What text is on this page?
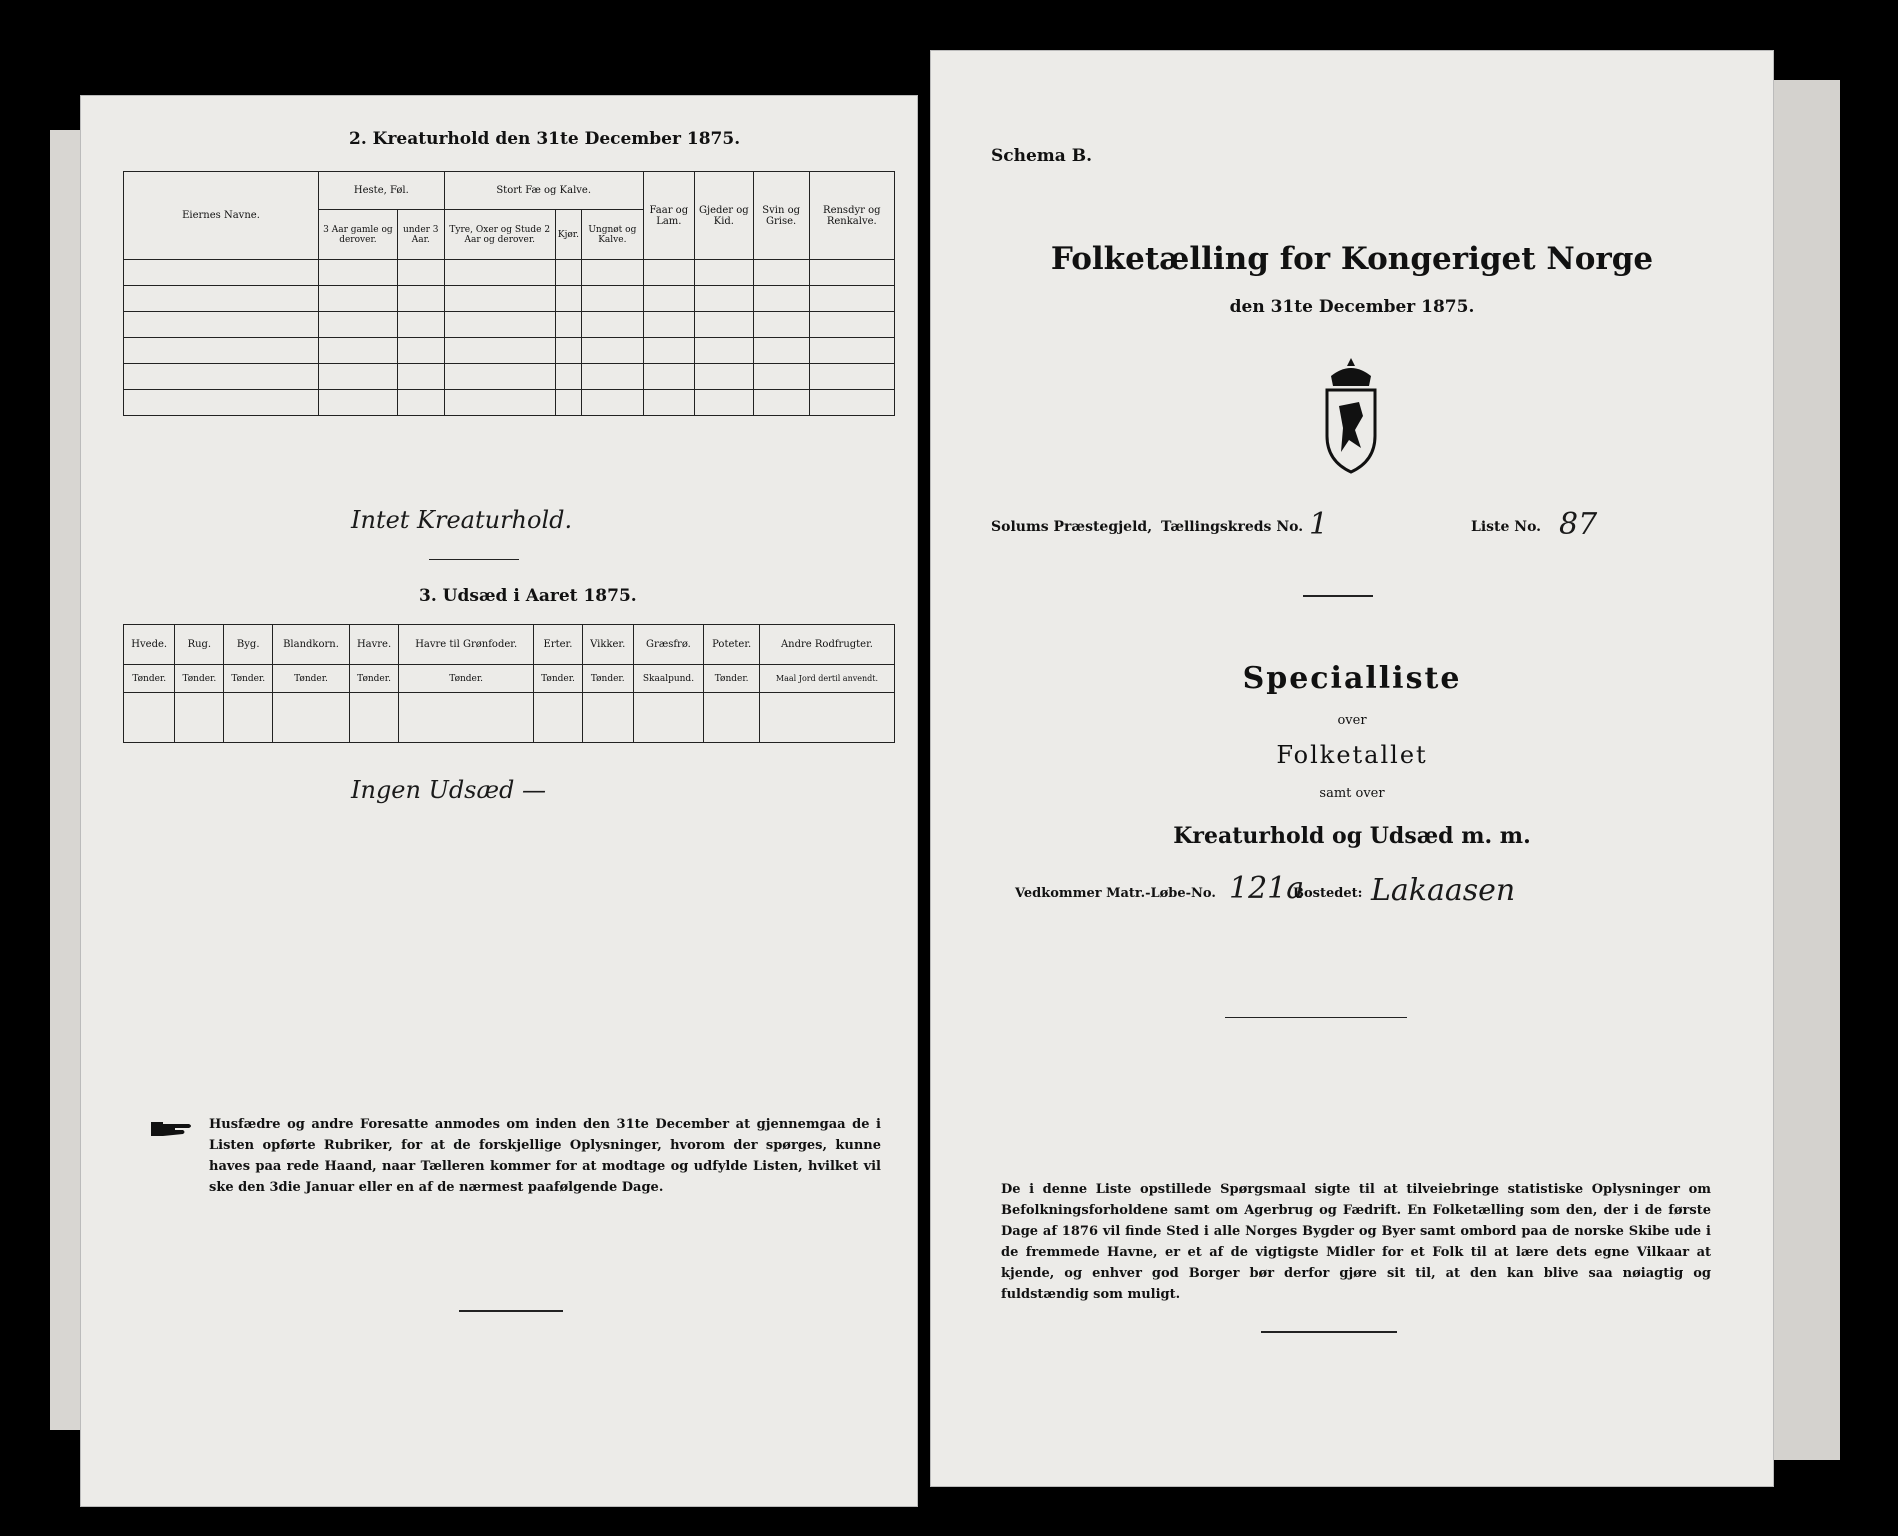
2. Kreaturhold den 31te December 1875.
Eiernes Navne.	Heste, Føl.		Stort Fæ og Kalve.			Faar og Lam.	Gjeder og Kid.	Svin og Grise.	Rensdyr og Renkalve.
	3 Aar gamle og derover.	under 3 Aar.	Tyre, Oxer og Stude 2 Aar og derover.	Kjør.	Ungnøt og Kalve.				

Intet Kreaturhold.
3. Udsæd i Aaret 1875.
Hvede.	Rug.	Byg.	Blandkorn.	Havre.	Havre til Grønfoder.	Erter.	Vikker.	Græsfrø.	Poteter.	Andre Rodfrugter.
Tønder.	Tønder.	Tønder.	Tønder.	Tønder.	Tønder.	Tønder.	Tønder.	Skaalpund.	Tønder.	Maal Jord dertil anvendt.

Ingen Udsæd —
Husfædre og andre Foresatte anmodes om inden den 31te December at gjennemgaa de i Listen opførte Rubriker, for at de forskjellige Oplysninger, hvorom der spørges, kunne haves paa rede Haand, naar Tælleren kommer for at modtage og udfylde Listen, hvilket vil ske den 3die Januar eller en af de nærmest paafølgende Dage.
Schema B.
Folketælling for Kongeriget Norge
den 31te December 1875.
Solums Præstegjeld, Tællingskreds No. 1	Liste No. 87
Specialliste
over
Folketallet
samt over
Kreaturhold og Udsæd m. m.
Vedkommer Matr.-Løbe-No. 121a
Bostedet: Lakaasen
De i denne Liste opstillede Spørgsmaal sigte til at tilveiebringe statistiske Oplysninger om Befolkningsforholdene samt om Agerbrug og Fædrift. En Folketælling som den, der i de første Dage af 1876 vil finde Sted i alle Norges Bygder og Byer samt ombord paa de norske Skibe ude i de fremmede Havne, er et af de vigtigste Midler for et Folk til at lære dets egne Vilkaar at kjende, og enhver god Borger bør derfor gjøre sit til, at den kan blive saa nøiagtig og fuldstændig som muligt.
